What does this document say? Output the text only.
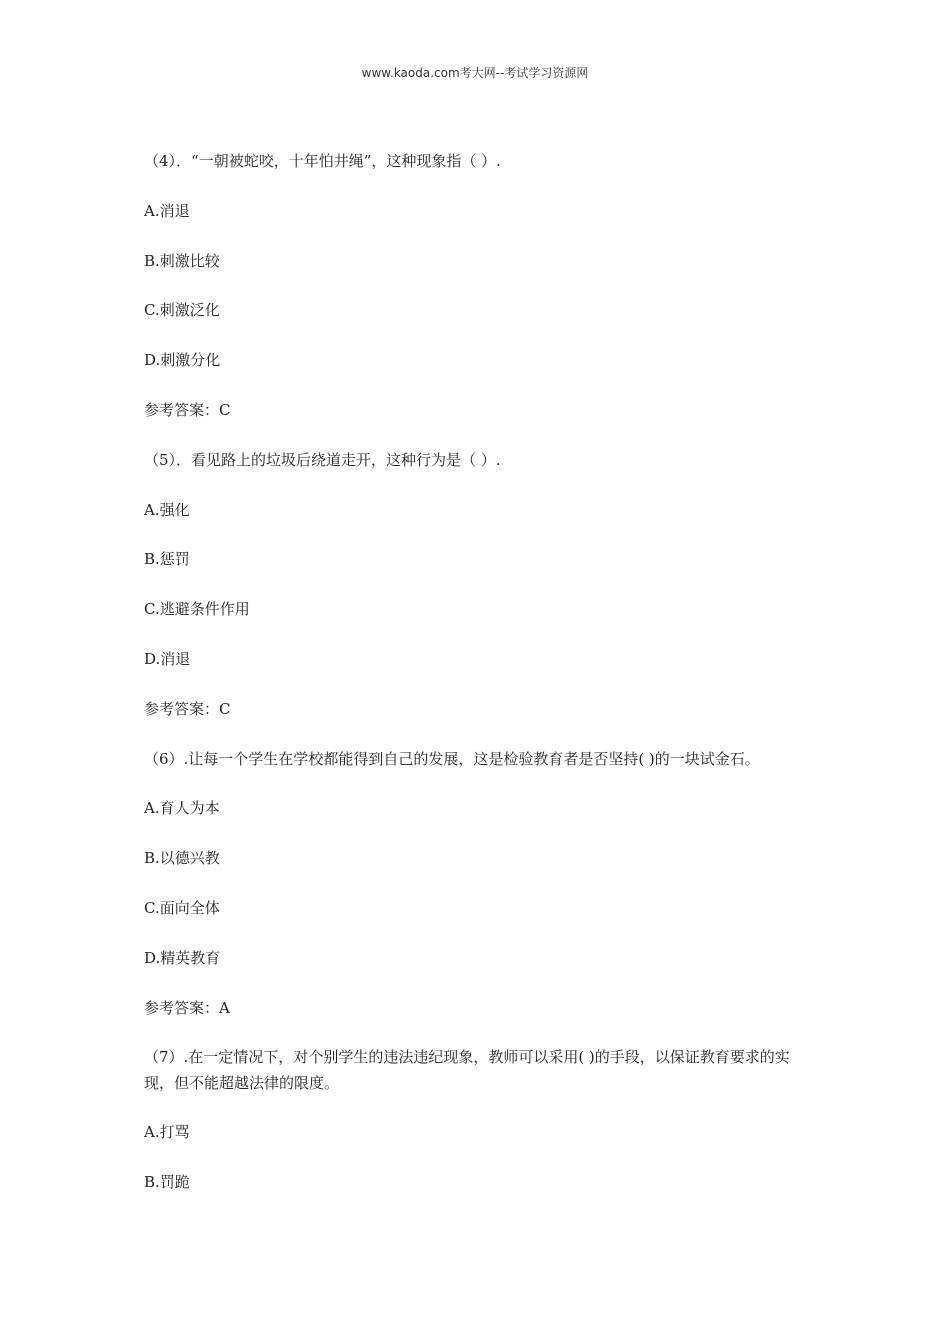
www.kaoda.com考大网--考试学习资源网
（4）．“一朝被蛇咬，十年怕井绳”，这种现象指（ ）.
A.消退
B.刺激比较
C.刺激泛化
D.刺激分化
参考答案：C
（5）．看见路上的垃圾后绕道走开，这种行为是（ ）.
A.强化
B.惩罚
C.逃避条件作用
D.消退
参考答案：C
（6）.让每一个学生在学校都能得到自己的发展，这是检验教育者是否坚持( )的一块试金石。
A.育人为本
B.以德兴教
C.面向全体
D.精英教育
参考答案：A
（7）.在一定情况下，对个别学生的违法违纪现象，教师可以采用( )的手段，以保证教育要求的实现，但不能超越法律的限度。
A.打骂
B.罚跪
